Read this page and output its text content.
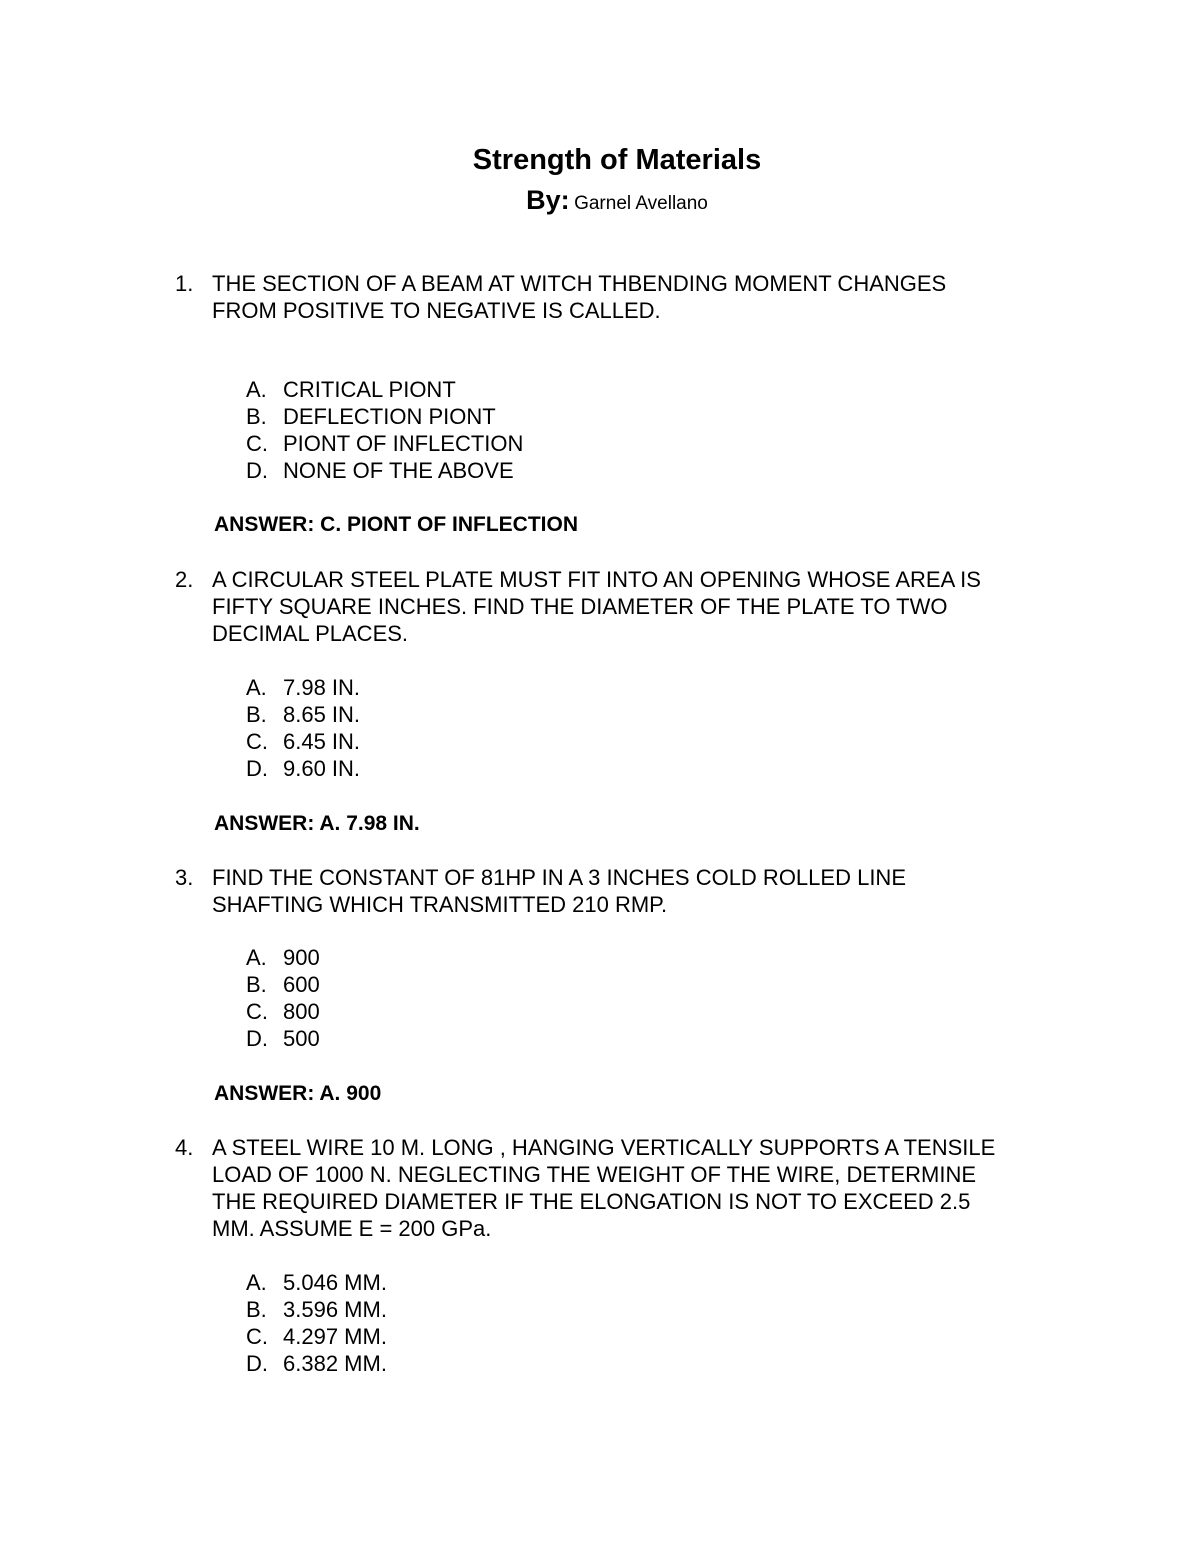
Strength of Materials
By: Garnel Avellano
1. THE SECTION OF A BEAM AT WITCH THBENDING MOMENT CHANGES
FROM POSITIVE TO NEGATIVE IS CALLED.
A. CRITICAL PIONT
B. DEFLECTION PIONT
C. PIONT OF INFLECTION
D. NONE OF THE ABOVE
ANSWER: C. PIONT OF INFLECTION
2. A CIRCULAR STEEL PLATE MUST FIT INTO AN OPENING WHOSE AREA IS
FIFTY SQUARE INCHES. FIND THE DIAMETER OF THE PLATE TO TWO
DECIMAL PLACES.
A. 7.98 IN.
B. 8.65 IN.
C. 6.45 IN.
D. 9.60 IN.
ANSWER: A. 7.98 IN.
3. FIND THE CONSTANT OF 81HP IN A 3 INCHES COLD ROLLED LINE
SHAFTING WHICH TRANSMITTED 210 RMP.
A. 900
B. 600
C. 800
D. 500
ANSWER: A. 900
4. A STEEL WIRE 10 M. LONG , HANGING VERTICALLY SUPPORTS A TENSILE
LOAD OF 1000 N. NEGLECTING THE WEIGHT OF THE WIRE, DETERMINE
THE REQUIRED DIAMETER IF THE ELONGATION IS NOT TO EXCEED 2.5
MM. ASSUME E = 200 GPa.
A. 5.046 MM.
B. 3.596 MM.
C. 4.297 MM.
D. 6.382 MM.
